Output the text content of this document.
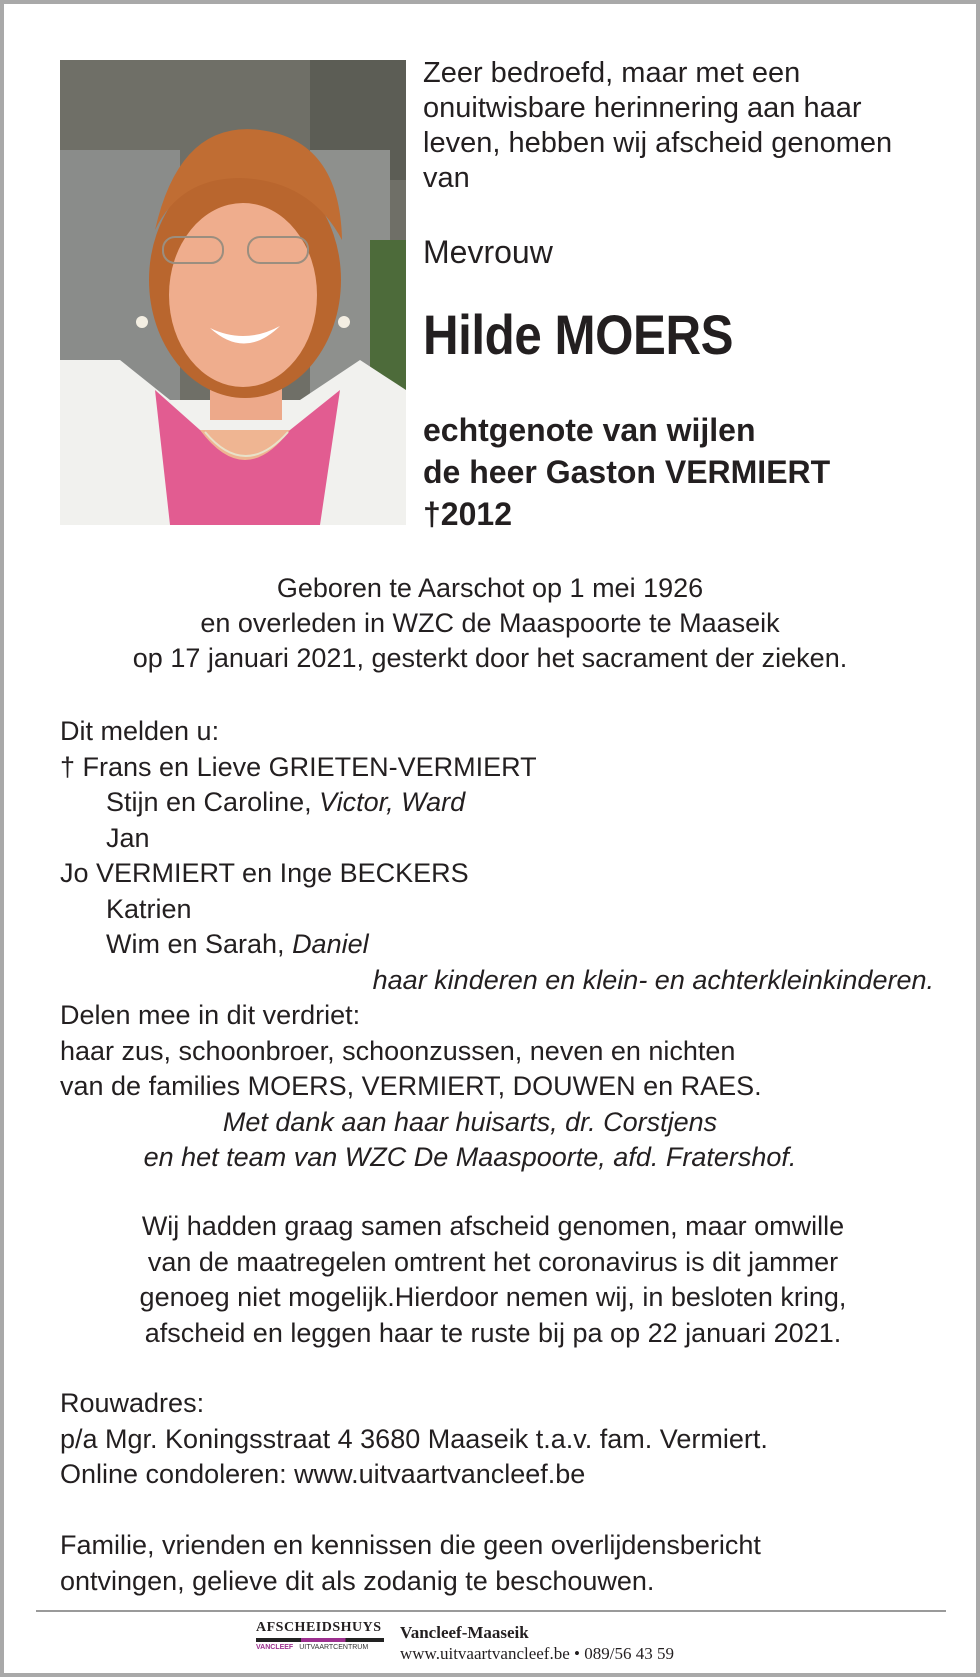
Zeer bedroefd, maar met een onuitwisbare herinnering aan haar leven, hebben wij afscheid genomen van

Mevrouw
Hilde MOERS
echtgenote van wijlen
de heer Gaston VERMIERT
†2012
Geboren te Aarschot op 1 mei 1926
en overleden in WZC de Maaspoorte te Maaseik
op 17 januari 2021, gesterkt door het sacrament der zieken.
Dit melden u:
† Frans en Lieve GRIETEN-VERMIERT
Stijn en Caroline, Victor, Ward
Jan
Jo VERMIERT en Inge BECKERS
Katrien
Wim en Sarah, Daniel
haar kinderen en klein- en achterkleinkinderen.
Delen mee in dit verdriet:
haar zus, schoonbroer, schoonzussen, neven en nichten
van de families MOERS, VERMIERT, DOUWEN en RAES.
Met dank aan haar huisarts, dr. Corstjens
en het team van WZC De Maaspoorte, afd. Fratershof.
Wij hadden graag samen afscheid genomen, maar omwille
van de maatregelen omtrent het coronavirus is dit jammer
genoeg niet mogelijk.Hierdoor nemen wij, in besloten kring,
afscheid en leggen haar te ruste bij pa op 22 januari 2021.
Rouwadres:
p/a Mgr. Koningsstraat 4 3680 Maaseik t.a.v. fam. Vermiert.
Online condoleren: www.uitvaartvancleef.be
Familie, vrienden en kennissen die geen overlijdensbericht
ontvingen, gelieve dit als zodanig te beschouwen.
AFSCHEIDSHUYS
VANCLEEF UITVAARTCENTRUM
Vancleef-Maaseik
www.uitvaartvancleef.be • 089/56 43 59
